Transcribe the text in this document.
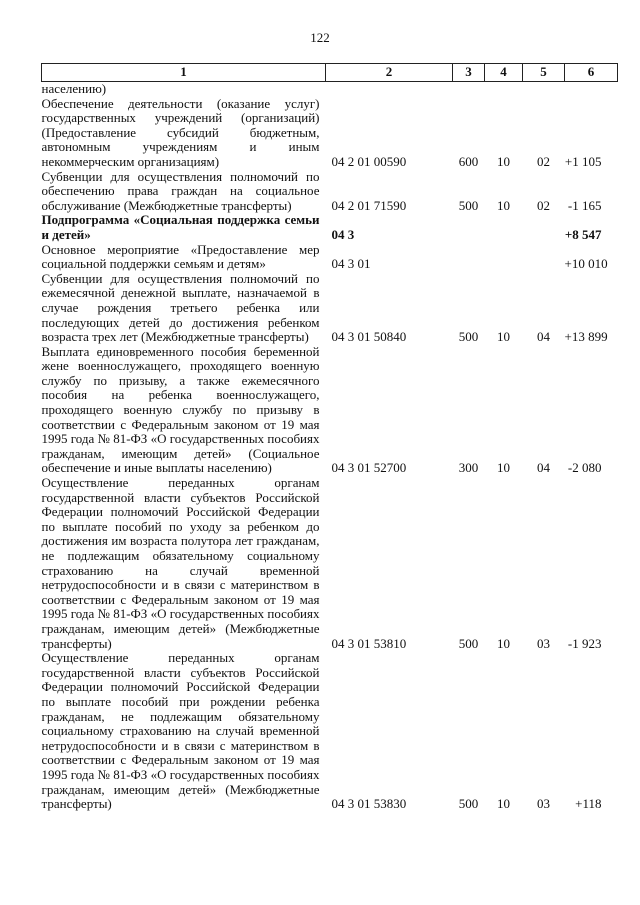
122
1	2	3	4	5	6
населению)					
Обеспечение деятельности (оказание услуг) государственных учреждений (организаций) (Предоставление субсидий бюджетным, автономным учреждениям и иным некоммерческим организациям)	04 2 01 00590	600	10	02	+1 105
Субвенции для осуществления полномочий по обеспечению права граждан на социальное обслуживание (Межбюджетные трансферты)	04 2 01 71590	500	10	02	-1 165
Подпрограмма «Социальная поддержка семьи и детей»	04 3				+8 547
Основное мероприятие «Предоставление мер социальной поддержки семьям и детям»	04 3 01				+10 010
Субвенции для осуществления полномочий по ежемесячной денежной выплате, назначаемой в случае рождения третьего ребенка или последующих детей до достижения ребенком возраста трех лет (Межбюджетные трансферты)	04 3 01 50840	500	10	04	+13 899
Выплата единовременного пособия беременной жене военнослужащего, проходящего военную службу по призыву, а также ежемесячного пособия на ребенка военнослужащего, проходящего военную службу по призыву в соответствии с Федеральным законом от 19 мая 1995 года № 81-ФЗ «О государственных пособиях гражданам, имеющим детей» (Социальное обеспечение и иные выплаты населению)	04 3 01 52700	300	10	04	-2 080
Осуществление переданных органам государственной власти субъектов Российской Федерации полномочий Российской Федерации по выплате пособий по уходу за ребенком до достижения им возраста полутора лет гражданам, не подлежащим обязательному социальному страхованию на случай временной нетрудоспособности и в связи с материнством в соответствии с Федеральным законом от 19 мая 1995 года № 81-ФЗ «О государственных пособиях гражданам, имеющим детей» (Межбюджетные трансферты)	04 3 01 53810	500	10	03	-1 923
Осуществление переданных органам государственной власти субъектов Российской Федерации полномочий Российской Федерации по выплате пособий при рождении ребенка гражданам, не подлежащим обязательному социальному страхованию на случай временной нетрудоспособности и в связи с материнством в соответствии с Федеральным законом от 19 мая 1995 года № 81-ФЗ «О государственных пособиях гражданам, имеющим детей» (Межбюджетные трансферты)	04 3 01 53830	500	10	03	+118
